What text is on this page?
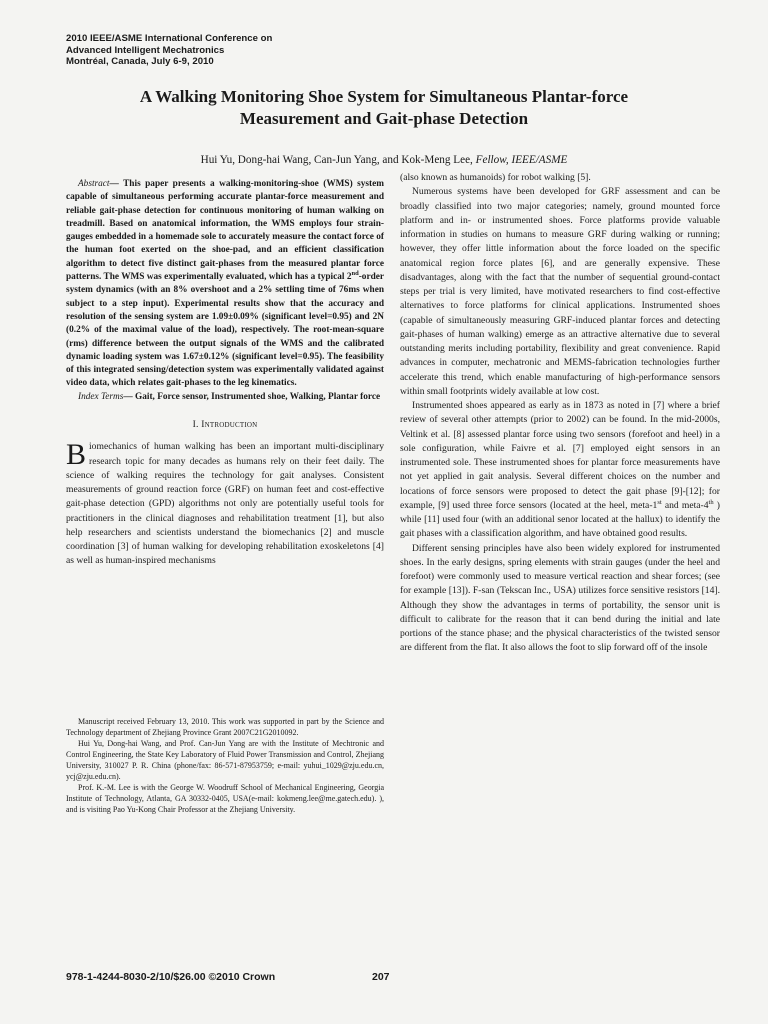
2010 IEEE/ASME International Conference on
Advanced Intelligent Mechatronics
Montréal, Canada, July 6-9, 2010
A Walking Monitoring Shoe System for Simultaneous Plantar-force
Measurement and Gait-phase Detection
Hui Yu, Dong-hai Wang, Can-Jun Yang, and Kok-Meng Lee, Fellow, IEEE/ASME

Abstract— This paper presents a walking-monitoring-shoe (WMS) system capable of simultaneous performing accurate plantar-force measurement and reliable gait-phase detection for continuous monitoring of human walking on treadmill. Based on anatomical information, the WMS employs four strain-gauges embedded in a homemade sole to accurately measure the contact force of the human foot exerted on the shoe-pad, and an efficient classification algorithm to detect five distinct gait-phases from the measured plantar force patterns. The WMS was experimentally evaluated, which has a typical 2nd-order system dynamics (with an 8% overshoot and a 2% settling time of 76ms when subject to a step input). Experimental results show that the accuracy and resolution of the sensing system are 1.09±0.09% (significant level=0.95) and 2N (0.2% of the maximal value of the load), respectively. The root-mean-square (rms) difference between the output signals of the WMS and the calibrated dynamic loading system was 1.67±0.12% (significant level=0.95). The feasibility of this integrated sensing/detection system was experimentally validated against video data, which relates gait-phases to the leg kinematics.

Index Terms— Gait, Force sensor, Instrumented shoe, Walking, Plantar force

I. Introduction

Biomechanics of human walking has been an important multi-disciplinary research topic for many decades as humans rely on their feet daily. The science of walking requires the technology for gait analyses. Consistent measurements of ground reaction force (GRF) on human feet and cost-effective gait-phase detection (GPD) algorithms not only are potentially useful tools for practitioners in the clinical diagnoses and rehabilitation treatment [1], but also help researchers and scientists understand the biomechanics [2] and muscle coordination [3] of human walking for developing rehabilitation exoskeletons [4] as well as human-inspired mechanisms

Manuscript received February 13, 2010. This work was supported in part by the Science and Technology department of Zhejiang Province Grant 2007C21G2010092.

Hui Yu, Dong-hai Wang, and Prof. Can-Jun Yang are with the Institute of Mechtronic and Control Engineering, the State Key Laboratory of Fluid Power Transmission and Control, Zhejiang University, 310027 P. R. China (phone/fax: 86-571-87953759; e-mail: yuhui_1029@zju.edu.cn, ycj@zju.edu.cn).

Prof. K.-M. Lee is with the George W. Woodruff School of Mechanical Engineering, Georgia Institute of Technology, Atlanta, GA 30332-0405, USA(e-mail: kokmeng.lee@me.gatech.edu). ), and is visiting Pao Yu-Kong Chair Professor at the Zhejiang University.

(also known as humanoids) for robot walking [5].

Numerous systems have been developed for GRF assessment and can be broadly classified into two major categories; namely, ground mounted force platform and in- or instrumented shoes. Force platforms provide valuable information in studies on humans to measure GRF during walking or running; however, they offer little information about the force loaded on the specific anatomical region force plates [6], and are generally expensive. These disadvantages, along with the fact that the number of sequential ground-contact steps per trial is very limited, have motivated researchers to find cost-effective alternatives to force platforms for clinical applications. Instrumented shoes (capable of simultaneously measuring GRF-induced plantar forces and detecting gait-phases of human walking) emerge as an attractive alternative due to several outstanding merits including portability, flexibility and great convenience. Rapid advances in computer, mechatronic and MEMS-fabrication technologies further accelerate this trend, which enable manufacturing of high-performance sensors within small footprints widely available at low cost.

Instrumented shoes appeared as early as in 1873 as noted in [7] where a brief review of several other attempts (prior to 2002) can be found. In the mid-2000s, Veltink et al. [8] assessed plantar force using two sensors (forefoot and heel) in a sole configuration, while Faivre et al. [7] employed eight sensors in an instrumented sole. These instrumented shoes for plantar force measurements have not yet applied in gait analysis. Several different choices on the number and locations of force sensors were proposed to detect the gait phase [9]-[12]; for example, [9] used three force sensors (located at the heel, meta-1st and meta-4th ) while [11] used four (with an additional senor located at the hallux) to identify the gait phases with a classification algorithm, and have obtained good results.

Different sensing principles have also been widely explored for instrumented shoes. In the early designs, spring elements with strain gauges (under the heel and forefoot) were commonly used to measure vertical reaction and shear forces; (see for example [13]). F-san (Tekscan Inc., USA) utilizes force sensitive resistors [14]. Although they show the advantages in terms of portability, the sensor unit is difficult to calibrate for the reason that it can bend during the initial and late portions of the stance phase; and the physical characteristics of the twisted sensor are different from the flat. It also allows the foot to slip forward off of the insole

978-1-4244-8030-2/10/$26.00 ©2010 Crown	207
